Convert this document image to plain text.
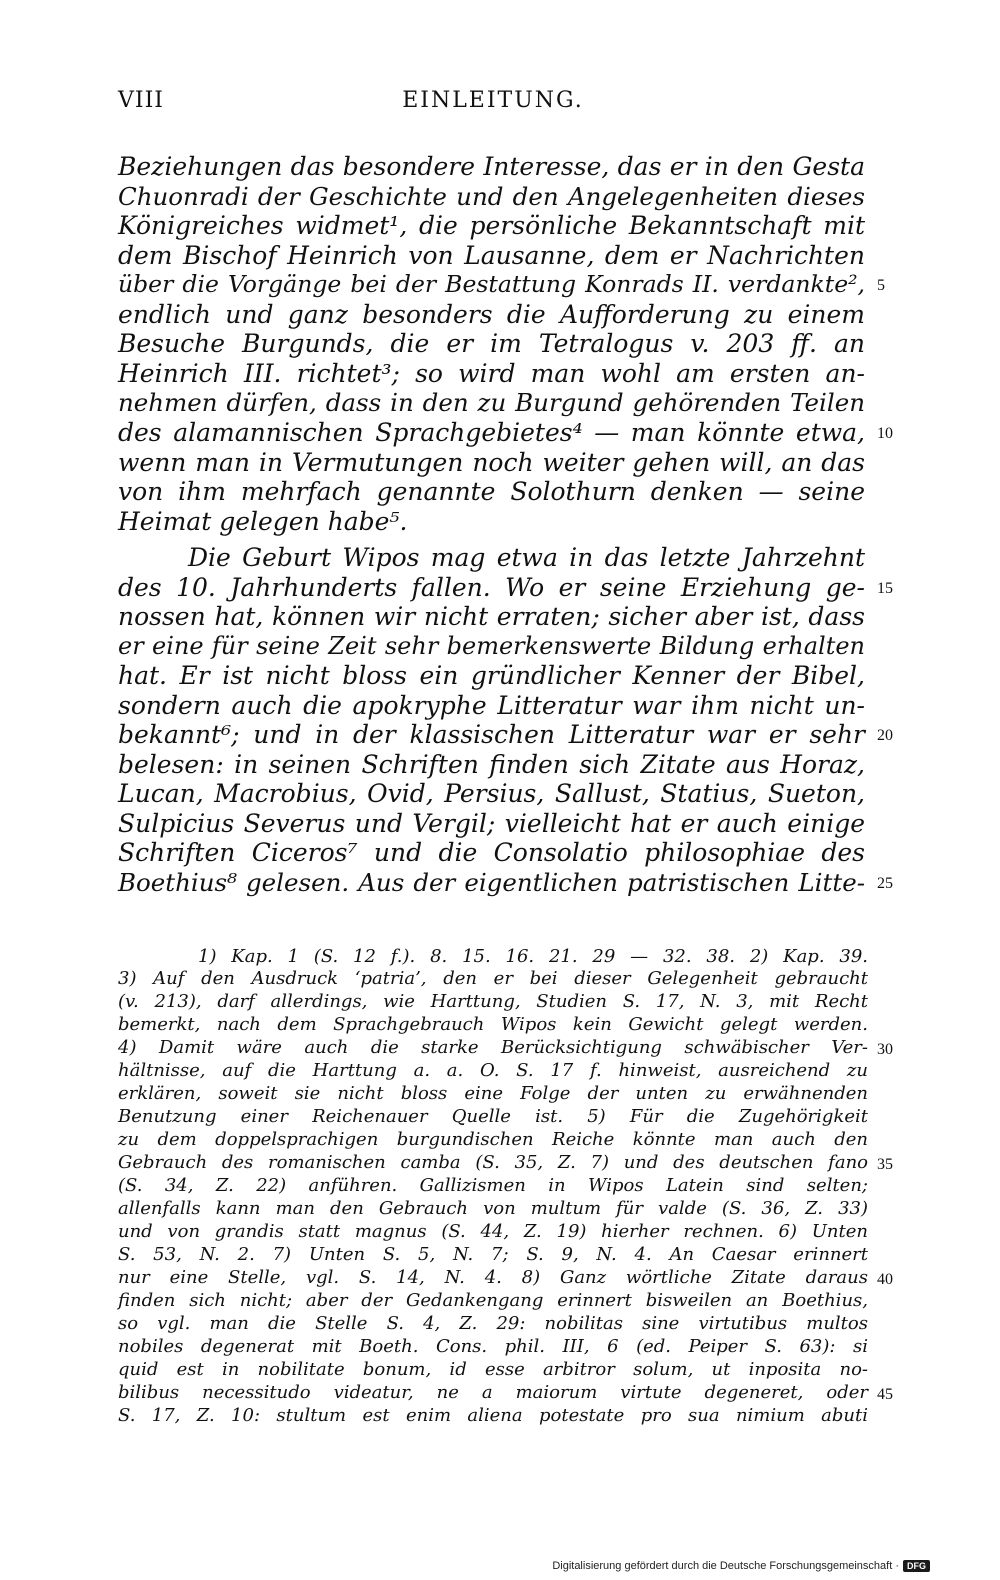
VIII	EINLEITUNG.
Beziehungen das besondere Interesse, das er in den Gesta
Chuonradi der Geschichte und den Angelegenheiten dieses
Königreiches widmet¹, die persönliche Bekanntschaft mit
dem Bischof Heinrich von Lausanne, dem er Nachrichten
über die Vorgänge bei der Bestattung Konrads II. verdankte²,
endlich und ganz besonders die Aufforderung zu einem
Besuche Burgunds, die er im Tetralogus v. 203 ff. an
Heinrich III. richtet³; so wird man wohl am ersten an-
nehmen dürfen, dass in den zu Burgund gehörenden Teilen
des alamannischen Sprachgebietes⁴ — man könnte etwa,
wenn man in Vermutungen noch weiter gehen will, an das
von ihm mehrfach genannte Solothurn denken — seine
Heimat gelegen habe⁵.
Die Geburt Wipos mag etwa in das letzte Jahrzehnt
des 10. Jahrhunderts fallen. Wo er seine Erziehung ge-
nossen hat, können wir nicht erraten; sicher aber ist, dass
er eine für seine Zeit sehr bemerkenswerte Bildung erhalten
hat. Er ist nicht bloss ein gründlicher Kenner der Bibel,
sondern auch die apokryphe Litteratur war ihm nicht un-
bekannt⁶; und in der klassischen Litteratur war er sehr
belesen: in seinen Schriften finden sich Zitate aus Horaz,
Lucan, Macrobius, Ovid, Persius, Sallust, Statius, Sueton,
Sulpicius Severus und Vergil; vielleicht hat er auch einige
Schriften Ciceros⁷ und die Consolatio philosophiae des
Boethius⁸ gelesen. Aus der eigentlichen patristischen Litte-
1) Kap. 1 (S. 12 f.). 8. 15. 16. 21. 29 — 32. 38. 2) Kap. 39.
3) Auf den Ausdruck ‘patria’, den er bei dieser Gelegenheit gebraucht
(v. 213), darf allerdings, wie Harttung, Studien S. 17, N. 3, mit Recht
bemerkt, nach dem Sprachgebrauch Wipos kein Gewicht gelegt werden.
4) Damit wäre auch die starke Berücksichtigung schwäbischer Ver-
hältnisse, auf die Harttung a. a. O. S. 17 f. hinweist, ausreichend zu
erklären, soweit sie nicht bloss eine Folge der unten zu erwähnenden
Benutzung einer Reichenauer Quelle ist. 5) Für die Zugehörigkeit
zu dem doppelsprachigen burgundischen Reiche könnte man auch den
Gebrauch des romanischen camba (S. 35, Z. 7) und des deutschen fano
(S. 34, Z. 22) anführen. Gallizismen in Wipos Latein sind selten;
allenfalls kann man den Gebrauch von multum für valde (S. 36, Z. 33)
und von grandis statt magnus (S. 44, Z. 19) hierher rechnen. 6) Unten
S. 53, N. 2. 7) Unten S. 5, N. 7; S. 9, N. 4. An Caesar erinnert
nur eine Stelle, vgl. S. 14, N. 4. 8) Ganz wörtliche Zitate daraus
finden sich nicht; aber der Gedankengang erinnert bisweilen an Boethius,
so vgl. man die Stelle S. 4, Z. 29: nobilitas sine virtutibus multos
nobiles degenerat mit Boeth. Cons. phil. III, 6 (ed. Peiper S. 63): si
quid est in nobilitate bonum, id esse arbitror solum, ut inposita no-
bilibus necessitudo videatur, ne a maiorum virtute degeneret, oder
S. 17, Z. 10: stultum est enim aliena potestate pro sua nimium abuti
5
10
15
20
25
30
35
40
45
Digitalisierung gefördert durch die Deutsche Forschungsgemeinschaft · DFG
